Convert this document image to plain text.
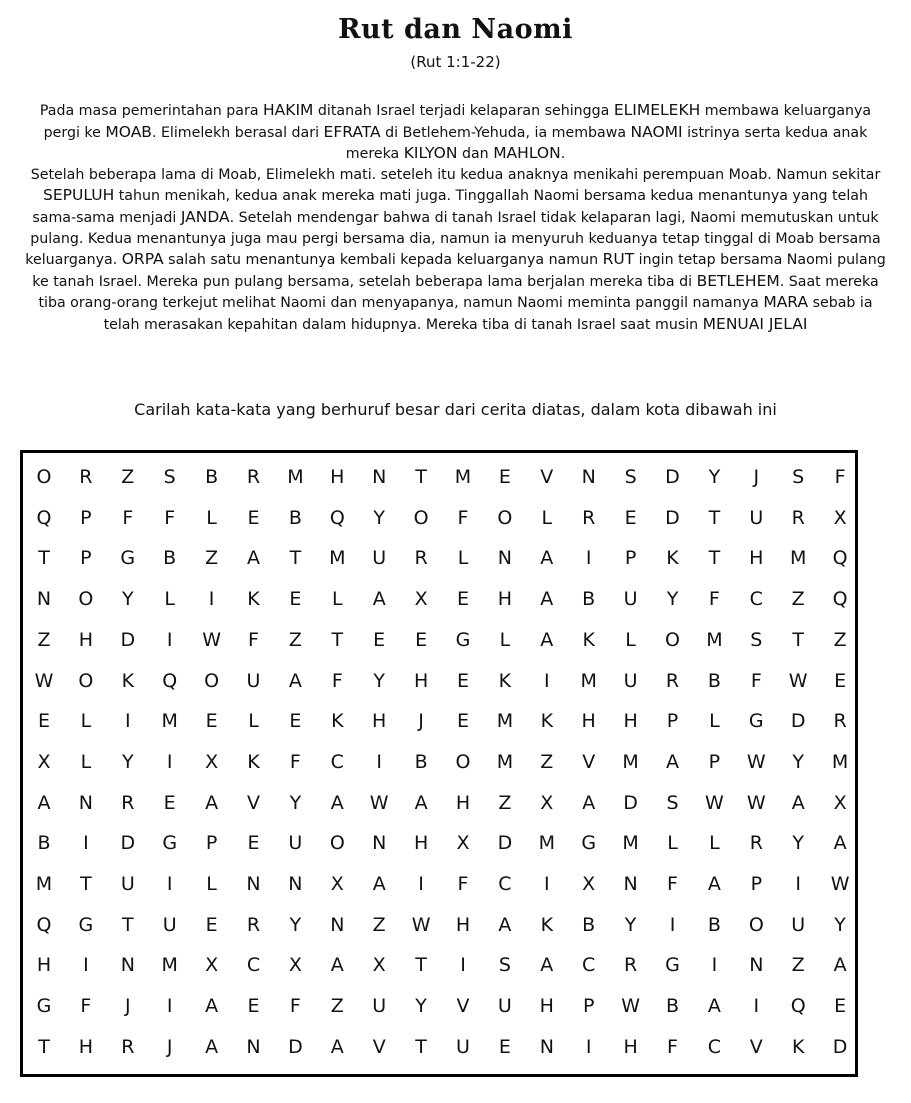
Rut dan Naomi
(Rut 1:1-22)

Pada masa pemerintahan para HAKIM ditanah Israel terjadi kelaparan sehingga ELIMELEKH membawa keluarganya pergi ke MOAB. Elimelekh berasal dari EFRATA di Betlehem-Yehuda, ia membawa NAOMI istrinya serta kedua anak mereka KILYON dan MAHLON.

Setelah beberapa lama di Moab, Elimelekh mati. seteleh itu kedua anaknya menikahi perempuan Moab. Namun sekitar SEPULUH tahun menikah, kedua anak mereka mati juga. Tinggallah Naomi bersama kedua menantunya yang telah sama-sama menjadi JANDA. Setelah mendengar bahwa di tanah Israel tidak kelaparan lagi, Naomi memutuskan untuk pulang. Kedua menantunya juga mau pergi bersama dia, namun ia menyuruh keduanya tetap tinggal di Moab bersama keluarganya. ORPA salah satu menantunya kembali kepada keluarganya namun RUT ingin tetap bersama Naomi pulang ke tanah Israel. Mereka pun pulang bersama, setelah beberapa lama berjalan mereka tiba di BETLEHEM. Saat mereka tiba orang-orang terkejut melihat Naomi dan menyapanya, namun Naomi meminta panggil namanya MARA sebab ia telah merasakan kepahitan dalam hidupnya. Mereka tiba di tanah Israel saat musin MENUAI JELAI

Carilah kata-kata yang berhuruf besar dari cerita diatas, dalam kota dibawah ini
O	R	Z	S	B	R	M	H	N	T	M	E	V	N	S	D	Y	J	S	F
Q	P	F	F	L	E	B	Q	Y	O	F	O	L	R	E	D	T	U	R	X
T	P	G	B	Z	A	T	M	U	R	L	N	A	I	P	K	T	H	M	Q
N	O	Y	L	I	K	E	L	A	X	E	H	A	B	U	Y	F	C	Z	Q
Z	H	D	I	W	F	Z	T	E	E	G	L	A	K	L	O	M	S	T	Z
W	O	K	Q	O	U	A	F	Y	H	E	K	I	M	U	R	B	F	W	E
E	L	I	M	E	L	E	K	H	J	E	M	K	H	H	P	L	G	D	R
X	L	Y	I	X	K	F	C	I	B	O	M	Z	V	M	A	P	W	Y	M
A	N	R	E	A	V	Y	A	W	A	H	Z	X	A	D	S	W	W	A	X
B	I	D	G	P	E	U	O	N	H	X	D	M	G	M	L	L	R	Y	A
M	T	U	I	L	N	N	X	A	I	F	C	I	X	N	F	A	P	I	W
Q	G	T	U	E	R	Y	N	Z	W	H	A	K	B	Y	I	B	O	U	Y
H	I	N	M	X	C	X	A	X	T	I	S	A	C	R	G	I	N	Z	A
G	F	J	I	A	E	F	Z	U	Y	V	U	H	P	W	B	A	I	Q	E
T	H	R	J	A	N	D	A	V	T	U	E	N	I	H	F	C	V	K	D
